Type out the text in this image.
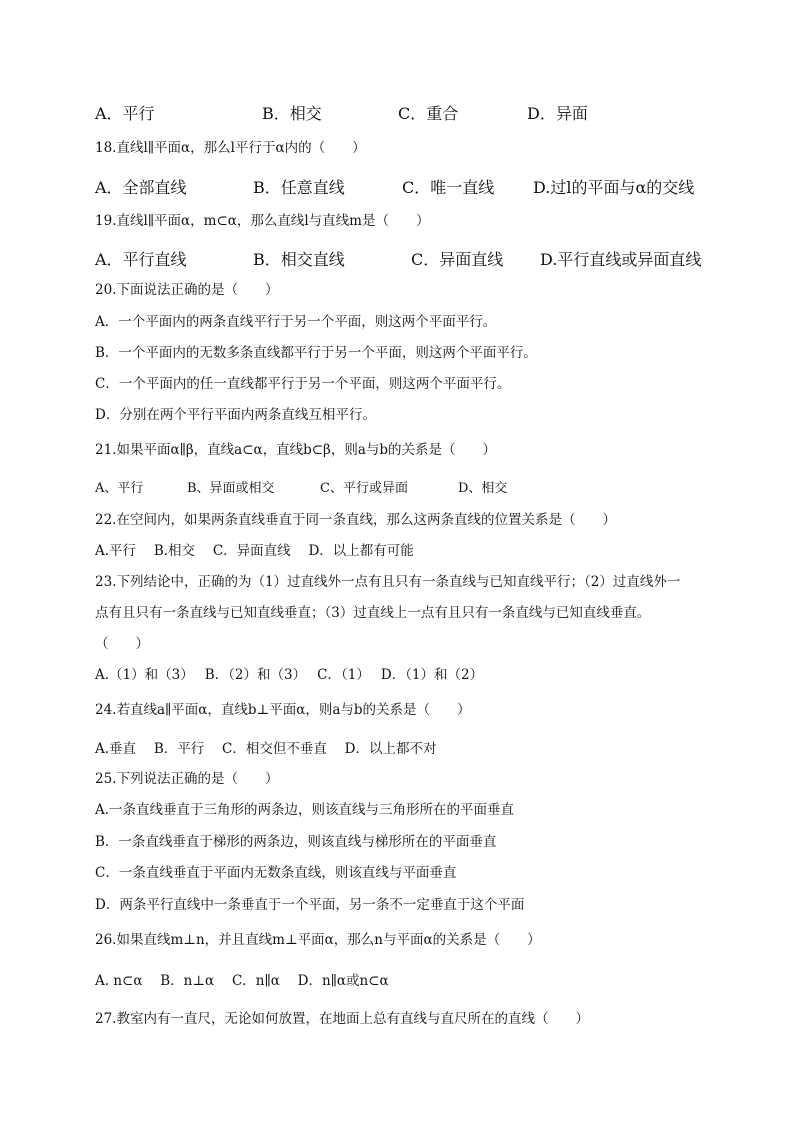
A．平行	B．相交	C．重合	D．异面
18.直线l∥平面α，那么l平行于α内的（　　）
A．全部直线	B．任意直线	C．唯一直线 D.过l的平面与α的交线
19.直线l∥平面α，m⊂α，那么直线l与直线m是（　　）
A．平行直线	B．相交直线	C．异面直线 D.平行直线或异面直线
20.下面说法正确的是（　　）
A．一个平面内的两条直线平行于另一个平面，则这两个平面平行。
B．一个平面内的无数多条直线都平行于另一个平面，则这两个平面平行。
C．一个平面内的任一直线都平行于另一个平面，则这两个平面平行。
D．分别在两个平行平面内两条直线互相平行。
21.如果平面α∥β，直线a⊂α，直线b⊂β，则a与b的关系是（　　）
A、平行	B、异面或相交	C、平行或异面	D、相交
22.在空间内，如果两条直线垂直于同一条直线，那么这两条直线的位置关系是（　　）
A.平行　 B.相交　 C．异面直线　 D．以上都有可能
23.下列结论中，正确的为（1）过直线外一点有且只有一条直线与已知直线平行；（2）过直线外一
点有且只有一条直线与已知直线垂直；（3）过直线上一点有且只有一条直线与已知直线垂直。
（　　）
A.（1）和（3）　 B．（2）和（3）　 C．（1）　 D．（1）和（2）
24.若直线a∥平面α，直线b⊥平面α，则a与b的关系是（　　）
A.垂直　 B．平行　 C．相交但不垂直　 D．以上都不对
25.下列说法正确的是（　　）
A.一条直线垂直于三角形的两条边，则该直线与三角形所在的平面垂直
B．一条直线垂直于梯形的两条边，则该直线与梯形所在的平面垂直
C．一条直线垂直于平面内无数条直线，则该直线与平面垂直
D．两条平行直线中一条垂直于一个平面，另一条不一定垂直于这个平面
26.如果直线m⊥n，并且直线m⊥平面α，那么n与平面α的关系是（　　）
A. n⊂α　 B．n⊥α　 C．n∥α　 D．n∥α或n⊂α
27.教室内有一直尺，无论如何放置，在地面上总有直线与直尺所在的直线（　　）
